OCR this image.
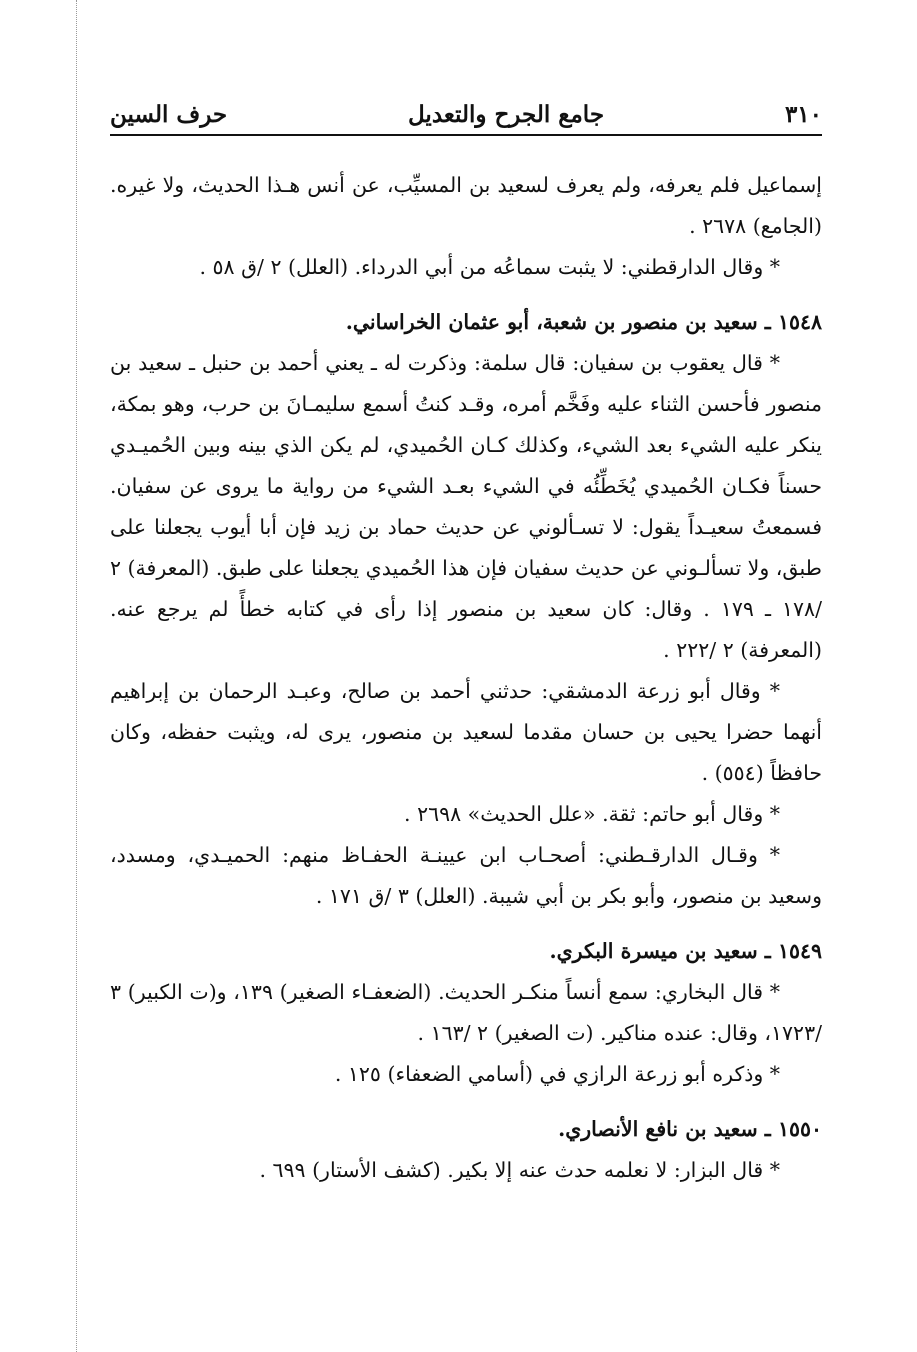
٣١٠
جامع الجرح والتعديل
حرف السين

إسماعيل فلم يعرفه، ولم يعرف لسعيد بن المسيِّب، عن أنس هـذا الحديث، ولا غيره. (الجامع) ٢٦٧٨ .

* وقال الدارقطني: لا يثبت سماعُه من أبي الدرداء. (العلل) ٢ /ق ٥٨ .

١٥٤٨ ـ سعيد بن منصور بن شعبة، أبو عثمان الخراساني.

* قال يعقوب بن سفيان: قال سلمة: وذكرت له ـ يعني أحمد بن حنبل ـ سعيد بن منصور فأحسن الثناء عليه وفَخَّم أمره، وقـد كنتُ أسمع سليمـانَ بن حرب، وهو بمكة، ينكر عليه الشيء بعد الشيء، وكذلك كـان الحُميدي، لم يكن الذي بينه وبين الحُميـدي حسناً فكـان الحُميدي يُخَطِّئُه في الشيء بعـد الشيء من رواية ما يروى عن سفيان. فسمعتُ سعيـداً يقول: لا تسـألوني عن حديث حماد بن زيد فإن أبا أيوب يجعلنا على طبق، ولا تسألـوني عن حديث سفيان فإن هذا الحُميدي يجعلنا على طبق. (المعرفة) ٢ /١٧٨ ـ ١٧٩ . وقال: كان سعيد بن منصور إذا رأى في كتابه خطأً لم يرجع عنه. (المعرفة) ٢ /٢٢٢ .

* وقال أبو زرعة الدمشقي: حدثني أحمد بن صالح، وعبـد الرحمان بن إبراهيم أنهما حضرا يحيى بن حسان مقدما لسعيد بن منصور، يرى له، ويثبت حفظه، وكان حافظاً (٥٥٤) .

* وقال أبو حاتم: ثقة. «علل الحديث» ٢٦٩٨ .

* وقـال الدارقـطني: أصحـاب ابن عيينـة الحفـاظ منهم: الحميـدي، ومسدد، وسعيد بن منصور، وأبو بكر بن أبي شيبة. (العلل) ٣ /ق ١٧١ .

١٥٤٩ ـ سعيد بن ميسرة البكري.

* قال البخاري: سمع أنساً منكـر الحديث. (الضعفـاء الصغير) ١٣٩، و(ت الكبير) ٣ /١٧٢٣، وقال: عنده مناكير. (ت الصغير) ٢ /١٦٣ .

* وذكره أبو زرعة الرازي في (أسامي الضعفاء) ١٢٥ .

١٥٥٠ ـ سعيد بن نافع الأنصاري.

* قال البزار: لا نعلمه حدث عنه إلا بكير. (كشف الأستار) ٦٩٩ .
